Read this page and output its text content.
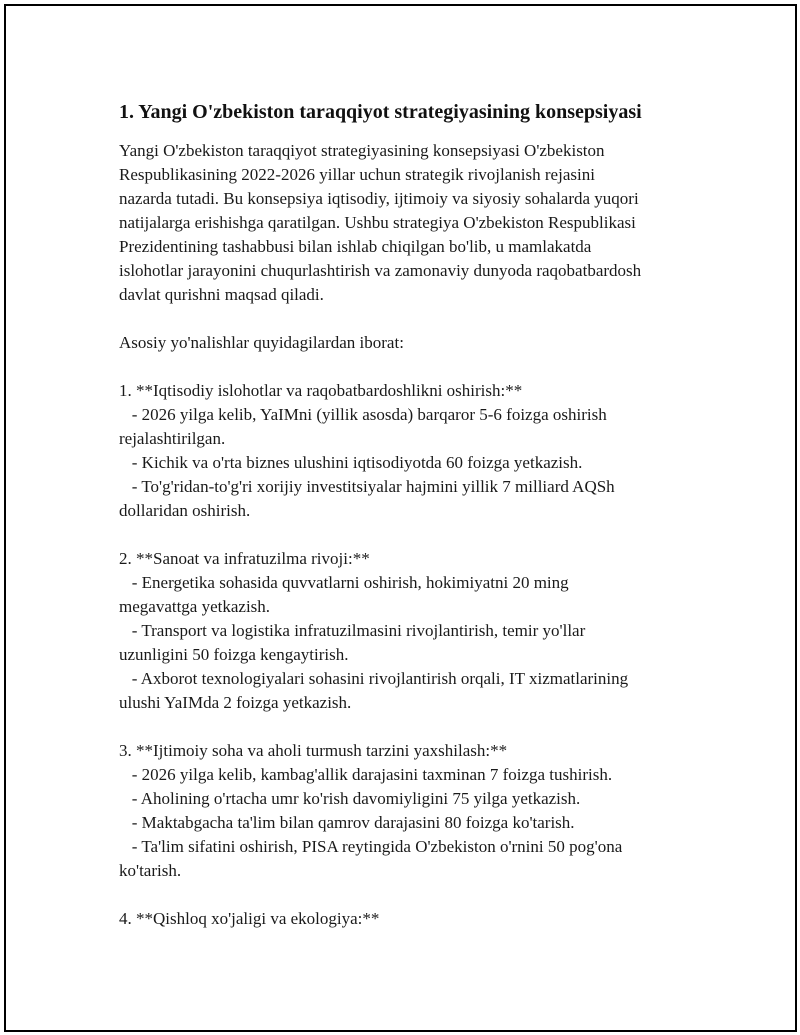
1. Yangi O'zbekiston taraqqiyot strategiyasining konsepsiyasi

Yangi O'zbekiston taraqqiyot strategiyasining konsepsiyasi O'zbekiston
Respublikasining 2022-2026 yillar uchun strategik rivojlanish rejasini
nazarda tutadi. Bu konsepsiya iqtisodiy, ijtimoiy va siyosiy sohalarda yuqori
natijalarga erishishga qaratilgan. Ushbu strategiya O'zbekiston Respublikasi
Prezidentining tashabbusi bilan ishlab chiqilgan bo'lib, u mamlakatda
islohotlar jarayonini chuqurlashtirish va zamonaviy dunyoda raqobatbardosh
davlat qurishni maqsad qiladi.

Asosiy yo'nalishlar quyidagilardan iborat:

1. **Iqtisodiy islohotlar va raqobatbardoshlikni oshirish:**
- 2026 yilga kelib, YaIMni (yillik asosda) barqaror 5-6 foizga oshirish
rejalashtirilgan.
- Kichik va o'rta biznes ulushini iqtisodiyotda 60 foizga yetkazish.
- To'g'ridan-to'g'ri xorijiy investitsiyalar hajmini yillik 7 milliard AQSh
dollaridan oshirish.
2. **Sanoat va infratuzilma rivoji:**
- Energetika sohasida quvvatlarni oshirish, hokimiyatni 20 ming
megavattga yetkazish.
- Transport va logistika infratuzilmasini rivojlantirish, temir yo'llar
uzunligini 50 foizga kengaytirish.
- Axborot texnologiyalari sohasini rivojlantirish orqali, IT xizmatlarining
ulushi YaIMda 2 foizga yetkazish.
3. **Ijtimoiy soha va aholi turmush tarzini yaxshilash:**
- 2026 yilga kelib, kambag'allik darajasini taxminan 7 foizga tushirish.
- Aholining o'rtacha umr ko'rish davomiyligini 75 yilga yetkazish.
- Maktabgacha ta'lim bilan qamrov darajasini 80 foizga ko'tarish.
- Ta'lim sifatini oshirish, PISA reytingida O'zbekiston o'rnini 50 pog'ona
ko'tarish.
4. **Qishloq xo'jaligi va ekologiya:**
